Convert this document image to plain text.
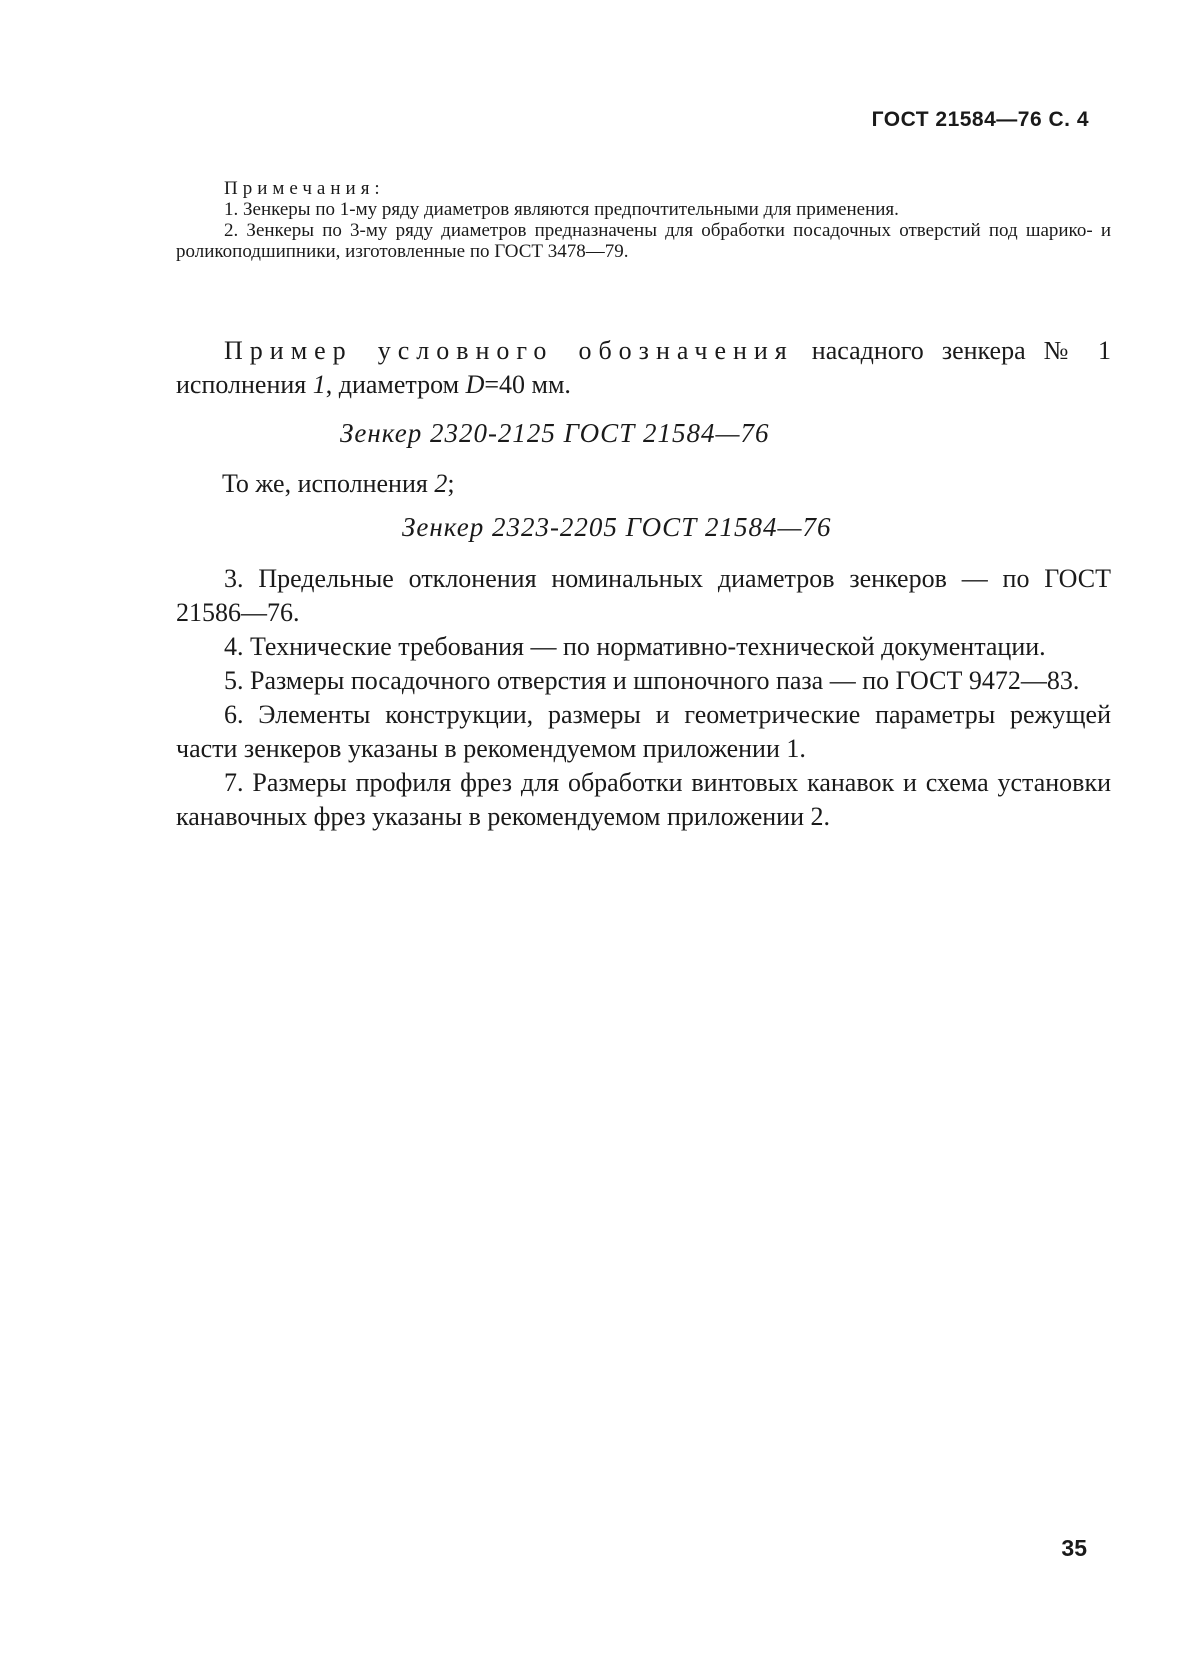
ГОСТ 21584—76 С. 4
Примечания:

1. Зенкеры по 1-му ряду диаметров являются предпочтительными для применения.

2. Зенкеры по 3-му ряду диаметров предназначены для обработки посадочных отверстий под шарико- и роликоподшипники, изготовленные по ГОСТ 3478—79.

Пример условного обозначения насадного зенкера № 1 исполнения 1, диаметром D=40 мм.

Зенкер 2320-2125 ГОСТ 21584—76
То же, исполнения 2;
Зенкер 2323-2205 ГОСТ 21584—76

3. Предельные отклонения номинальных диаметров зенкеров — по ГОСТ 21586—76.

4. Технические требования — по нормативно-технической документации.

5. Размеры посадочного отверстия и шпоночного паза — по ГОСТ 9472—83.

6. Элементы конструкции, размеры и геометрические параметры режущей части зенкеров указаны в рекомендуемом приложении 1.

7. Размеры профиля фрез для обработки винтовых канавок и схема установки канавочных фрез указаны в рекомендуемом приложении 2.

35
